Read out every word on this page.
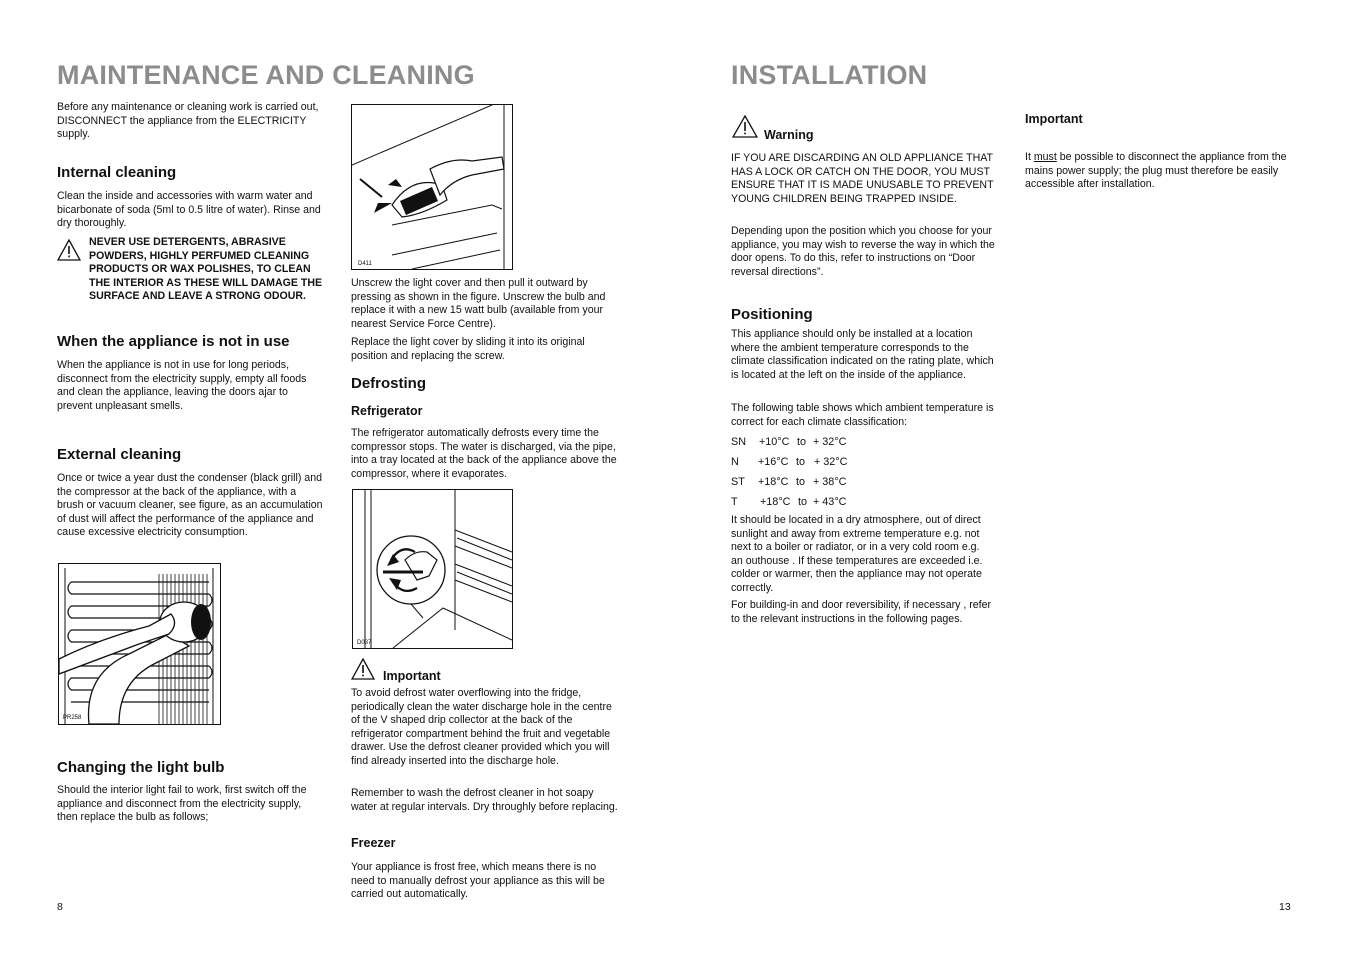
MAINTENANCE AND CLEANING

Before any maintenance or cleaning work is carried out, DISCONNECT the appliance from the ELECTRICITY supply.

Internal cleaning

Clean the inside and accessories with warm water and bicarbonate of soda (5ml to 0.5 litre of water). Rinse and dry thoroughly.

NEVER USE DETERGENTS, ABRASIVE POWDERS, HIGHLY PERFUMED CLEANING PRODUCTS OR WAX POLISHES, TO CLEAN THE INTERIOR AS THESE WILL DAMAGE THE SURFACE AND LEAVE A STRONG ODOUR.

When the appliance is not in use

When the appliance is not in use for long periods, disconnect from the electricity supply, empty all foods and clean the appliance, leaving the doors ajar to prevent unpleasant smells.

External cleaning

Once or twice a year dust the condenser (black grill) and the compressor at the back of the appliance, with a brush or vacuum cleaner, see figure, as an accumulation of dust will affect the performance of the appliance and cause excessive electricity consumption.

PR258
Changing the light bulb

Should the interior light fail to work, first switch off the appliance and disconnect from the electricity supply, then replace the bulb as follows;

8
D411

Unscrew the light cover and then pull it outward by pressing as shown in the figure. Unscrew the bulb and replace it with a new 15 watt bulb (available from your nearest Service Force Centre).

Replace the light cover by sliding it into its original position and replacing the screw.

Defrosting
Refrigerator

The refrigerator automatically defrosts every time the compressor stops. The water is discharged, via the pipe, into a tray located at the back of the appliance above the compressor, where it evaporates.

D037
Important

To avoid defrost water overflowing into the fridge, periodically clean the water discharge hole in the centre of the V shaped drip collector at the back of the refrigerator compartment behind the fruit and vegetable drawer. Use the defrost cleaner provided which you will find already inserted into the discharge hole.

Remember to wash the defrost cleaner in hot soapy water at regular intervals. Dry throughly before replacing.

Freezer

Your appliance is frost free, which means there is no need to manually defrost your appliance as this will be carried out automatically.

INSTALLATION
Warning

IF YOU ARE DISCARDING AN OLD APPLIANCE THAT HAS A LOCK OR CATCH ON THE DOOR, YOU MUST ENSURE THAT IT IS MADE UNUSABLE TO PREVENT YOUNG CHILDREN BEING TRAPPED INSIDE.

Depending upon the position which you choose for your appliance, you may wish to reverse the way in which the door opens. To do this, refer to instructions on “Door reversal directions”.

Positioning

This appliance should only be installed at a location where the ambient temperature corresponds to the climate classification indicated on the rating plate, which is located at the left on the inside of the appliance.

The following table shows which ambient temperature is correct for each climate classification:

SN +10°C to + 32°C
N +16°C to + 32°C
ST +18°C to + 38°C
T +18°C to + 43°C

It should be located in a dry atmosphere, out of direct sunlight and away from extreme temperature e.g. not next to a boiler or radiator, or in a very cold room e.g. an outhouse . If these temperatures are exceeded i.e. colder or warmer, then the appliance may not operate correctly.

For building-in and door reversibility, if necessary , refer to the relevant instructions in the following pages.

Important

It must be possible to disconnect the appliance from the mains power supply; the plug must therefore be easily accessible after installation.

13
